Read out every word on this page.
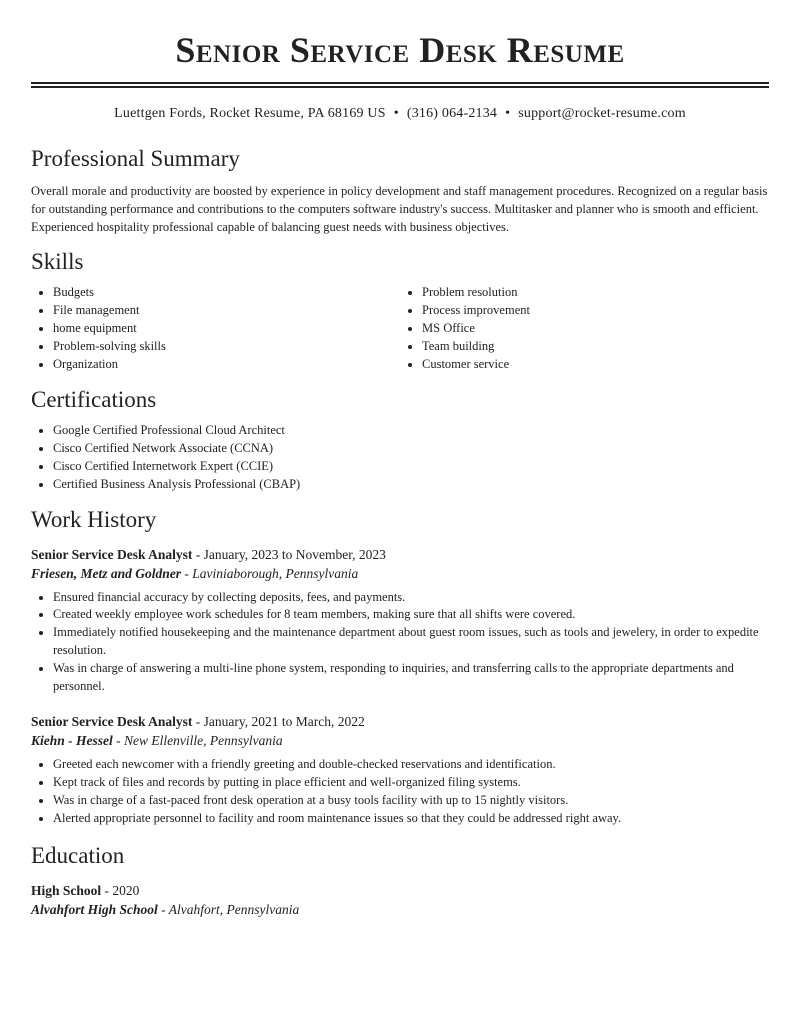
Senior Service Desk Resume
Luettgen Fords, Rocket Resume, PA 68169 US • (316) 064-2134 • support@rocket-resume.com
Professional Summary

Overall morale and productivity are boosted by experience in policy development and staff management procedures. Recognized on a regular basis for outstanding performance and contributions to the computers software industry's success. Multitasker and planner who is smooth and efficient. Experienced hospitality professional capable of balancing guest needs with business objectives.

Skills
• Budgets
• File management
• home equipment
• Problem-solving skills
• Organization
• Problem resolution
• Process improvement
• MS Office
• Team building
• Customer service
Certifications
• Google Certified Professional Cloud Architect
• Cisco Certified Network Associate (CCNA)
• Cisco Certified Internetwork Expert (CCIE)
• Certified Business Analysis Professional (CBAP)
Work History
Senior Service Desk Analyst - January, 2023 to November, 2023
Friesen, Metz and Goldner - Laviniaborough, Pennsylvania
• Ensured financial accuracy by collecting deposits, fees, and payments.
• Created weekly employee work schedules for 8 team members, making sure that all shifts were covered.
• Immediately notified housekeeping and the maintenance department about guest room issues, such as tools and jewelery, in order to expedite resolution.
• Was in charge of answering a multi-line phone system, responding to inquiries, and transferring calls to the appropriate departments and personnel.
Senior Service Desk Analyst - January, 2021 to March, 2022
Kiehn - Hessel - New Ellenville, Pennsylvania
• Greeted each newcomer with a friendly greeting and double-checked reservations and identification.
• Kept track of files and records by putting in place efficient and well-organized filing systems.
• Was in charge of a fast-paced front desk operation at a busy tools facility with up to 15 nightly visitors.
• Alerted appropriate personnel to facility and room maintenance issues so that they could be addressed right away.
Education
High School - 2020
Alvahfort High School - Alvahfort, Pennsylvania
